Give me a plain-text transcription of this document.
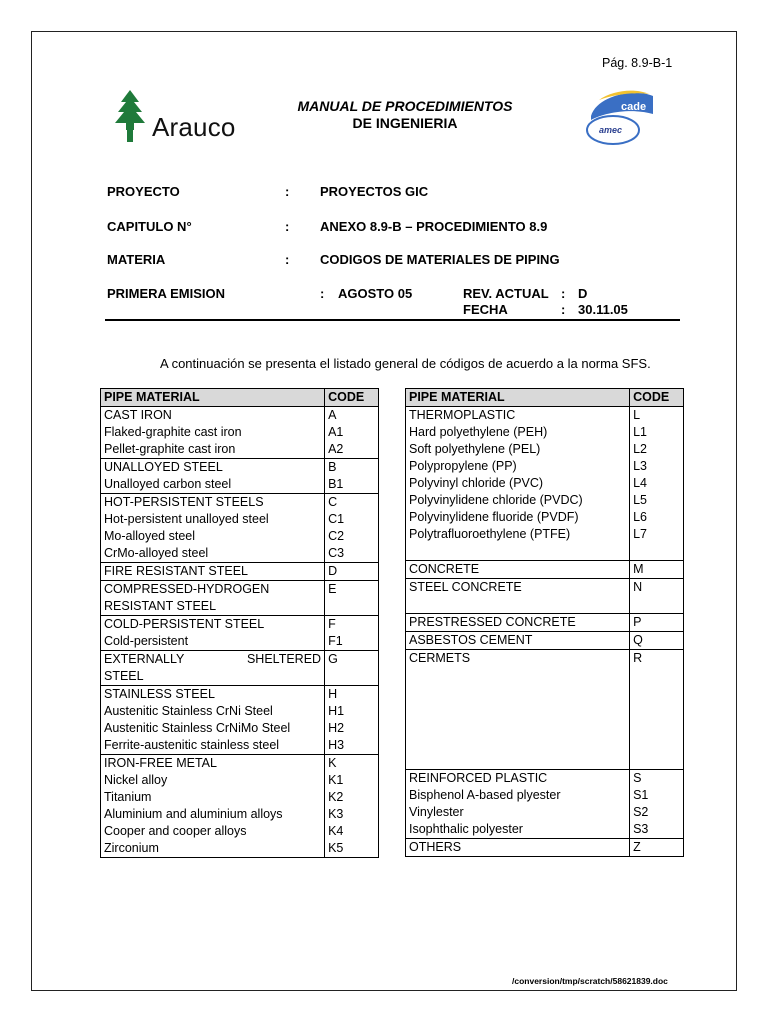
Pág. 8.9-B-1
Arauco
MANUAL DE PROCEDIMIENTOS
DE INGENIERIA
cade
amec
PROYECTO	: PROYECTOS GIC
CAPITULO N°	: ANEXO 8.9-B – PROCEDIMIENTO 8.9
MATERIA	: CODIGOS DE MATERIALES DE PIPING
PRIMERA EMISION	: AGOSTO 05	REV. ACTUAL : D
FECHA	: 30.11.05
A continuación se presenta el listado general de códigos de acuerdo a la norma SFS.
PIPE MATERIAL	CODE
CAST IRON	A
Flaked-graphite cast iron	A1
Pellet-graphite cast iron	A2
UNALLOYED STEEL	B
Unalloyed carbon steel	B1
HOT-PERSISTENT STEELS	C
Hot-persistent unalloyed steel	C1
Mo-alloyed steel	C2
CrMo-alloyed steel	C3
FIRE RESISTANT STEEL	D
COMPRESSED-HYDROGEN	E
RESISTANT STEEL	
COLD-PERSISTENT STEEL	F
Cold-persistent	F1
EXTERNALLY SHELTERED	G
STEEL	
STAINLESS STEEL	H
Austenitic Stainless CrNi Steel	H1
Austenitic Stainless CrNiMo Steel	H2
Ferrite-austenitic stainless steel	H3
IRON-FREE METAL	K
Nickel alloy	K1
Titanium	K2
Aluminium and aluminium alloys	K3
Cooper and cooper alloys	K4
Zirconium	K5
PIPE MATERIAL	CODE
THERMOPLASTIC	L
Hard polyethylene (PEH)	L1
Soft polyethylene (PEL)	L2
Polypropylene (PP)	L3
Polyvinyl chloride (PVC)	L4
Polyvinylidene chloride (PVDC)	L5
Polyvinylidene fluoride (PVDF)	L6
Polytrafluoroethylene (PTFE)	L7

CONCRETE	M
STEEL CONCRETE	N

PRESTRESSED CONCRETE	P
ASBESTOS CEMENT	Q
CERMETS	R

REINFORCED PLASTIC	S
Bisphenol A-based plyester	S1
Vinylester	S2
Isophthalic polyester	S3
OTHERS	Z
/conversion/tmp/scratch/58621839.doc
